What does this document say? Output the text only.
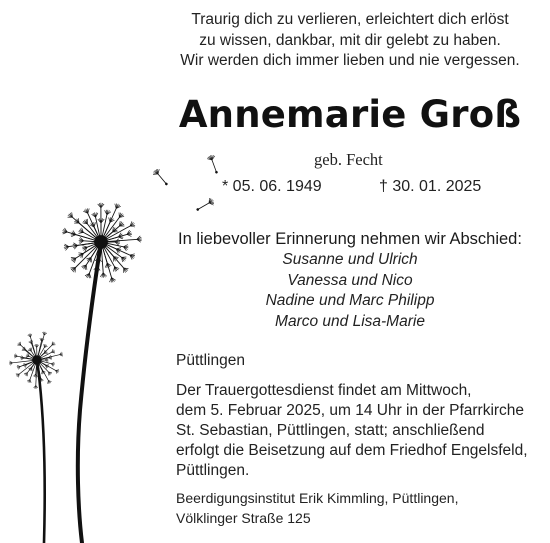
Traurig dich zu verlieren, erleichtert dich erlöst
zu wissen, dankbar, mit dir gelebt zu haben.
Wir werden dich immer lieben und nie vergessen.
Annemarie Groß
geb. Fecht
* 05. 06. 1949	† 30. 01. 2025
In liebevoller Erinnerung nehmen wir Abschied:
Susanne und Ulrich
Vanessa und Nico
Nadine und Marc Philipp
Marco und Lisa-Marie
Püttlingen
Der Trauergottesdienst findet am Mittwoch,
dem 5. Februar 2025, um 14 Uhr in der Pfarrkirche
St. Sebastian, Püttlingen, statt; anschließend
erfolgt die Beisetzung auf dem Friedhof Engelsfeld,
Püttlingen.
Beerdigungsinstitut Erik Kimmling, Püttlingen,
Völklinger Straße 125
